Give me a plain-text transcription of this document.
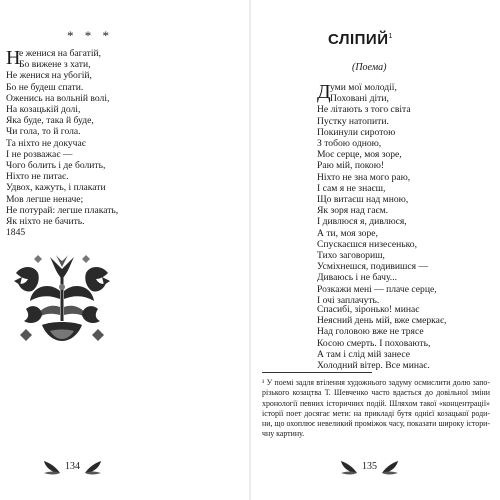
* * *
Н
е женися на багатій,
Бо вижене з хати,
Не женися на убогій,
Бо не будеш спати.
Оженись на вольній волі,
На козацькій долі,
Яка буде, така й буде,
Чи гола, то й гола.
Та ніхто не докучає
І не розважає —
Чого болить і де болить,
Ніхто не питає.
Удвох, кажуть, і плакати
Мов легше неначе;
Не потурай: легше плакать,
Як ніхто не бачить.
1845
134
СЛІПИЙ$^1$
(Поема)
Д уми мої молодії,
Поховані діти,
Не літають з того світа
Пустку натопити.
Покинули сиротою
З тобою одною,
Моє серце, моя зоре,
Раю мій, покою!
Ніхто не зна мого раю,
І сам я не знаєш,
Що витаєш над мною,
Як зоря над гаєм.
І дивлюся я, дивлюся,
А ти, моя зоре,
Спускаєшся низесенько,
Тихо заговориш,
Усміхнешся, подивишся —
Диваюсь і не бачу...
Розкажи мені — плаче серце,
І очі заплачуть.
Спасибі, зіронько! минає
Неясний день мій, вже смеркає,
Над головою вже не трясе
Косою смерть. І поховають,
А там і слід мій занесе
Холодний вітер. Все минає.
¹ У поемі задля втілення художнього задуму осмислити долю запо-
різького козацтва Т. Шевченко часто вдається до довільної зміни
хронології певних історичних подій. Шляхом такої «концентрації»
історії поет досягає мети: на прикладі бутя однієї козацької роди-
ни, що охоплює невеликий проміжок часу, показати широку істори-
чну картину.
135
